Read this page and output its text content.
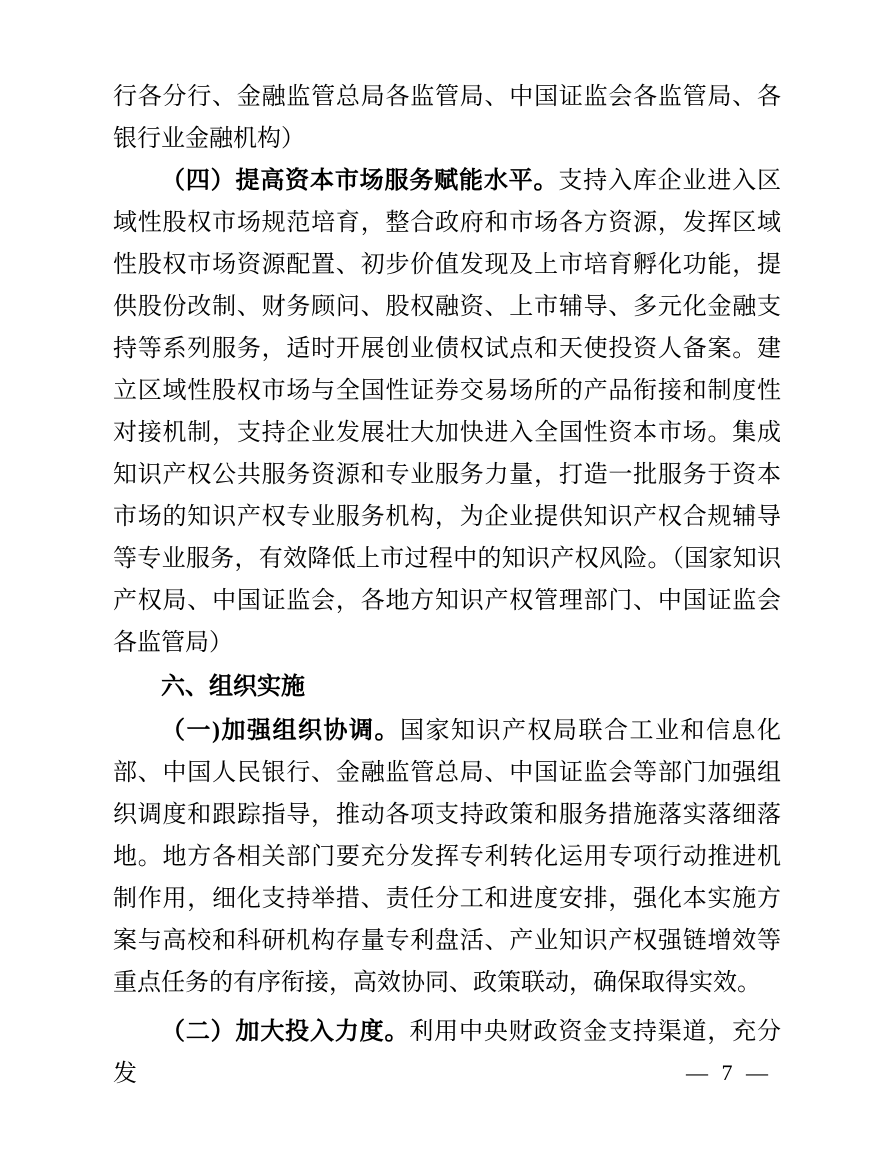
行各分行、金融监管总局各监管局、中国证监会各监管局、各银行业金融机构）

（四）提高资本市场服务赋能水平。支持入库企业进入区域性股权市场规范培育，整合政府和市场各方资源，发挥区域性股权市场资源配置、初步价值发现及上市培育孵化功能，提供股份改制、财务顾问、股权融资、上市辅导、多元化金融支持等系列服务，适时开展创业债权试点和天使投资人备案。建立区域性股权市场与全国性证券交易场所的产品衔接和制度性对接机制，支持企业发展壮大加快进入全国性资本市场。集成知识产权公共服务资源和专业服务力量，打造一批服务于资本市场的知识产权专业服务机构，为企业提供知识产权合规辅导等专业服务，有效降低上市过程中的知识产权风险。（国家知识产权局、中国证监会，各地方知识产权管理部门、中国证监会各监管局）

六、组织实施

（一)加强组织协调。国家知识产权局联合工业和信息化部、中国人民银行、金融监管总局、中国证监会等部门加强组织调度和跟踪指导，推动各项支持政策和服务措施落实落细落地。地方各相关部门要充分发挥专利转化运用专项行动推进机制作用，细化支持举措、责任分工和进度安排，强化本实施方案与高校和科研机构存量专利盘活、产业知识产权强链增效等重点任务的有序衔接，高效协同、政策联动，确保取得实效。

（二）加大投入力度。利用中央财政资金支持渠道，充分发	— 7 —
